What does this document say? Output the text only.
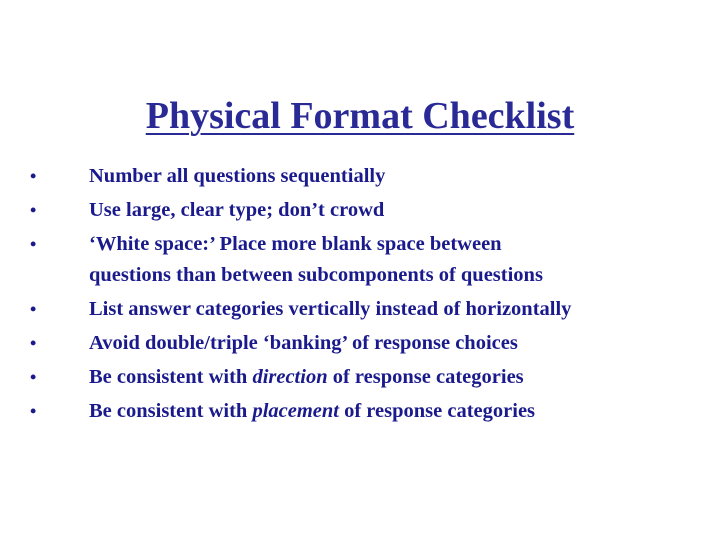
Physical Format Checklist
•	Number all questions sequentially
•	Use large, clear type; don’t crowd
•	‘White space:’ Place more blank space between
questions than between subcomponents of questions
•	List answer categories vertically instead of horizontally
•	Avoid double/triple ‘banking’ of response choices
•	Be consistent with direction of response categories
•	Be consistent with placement of response categories
